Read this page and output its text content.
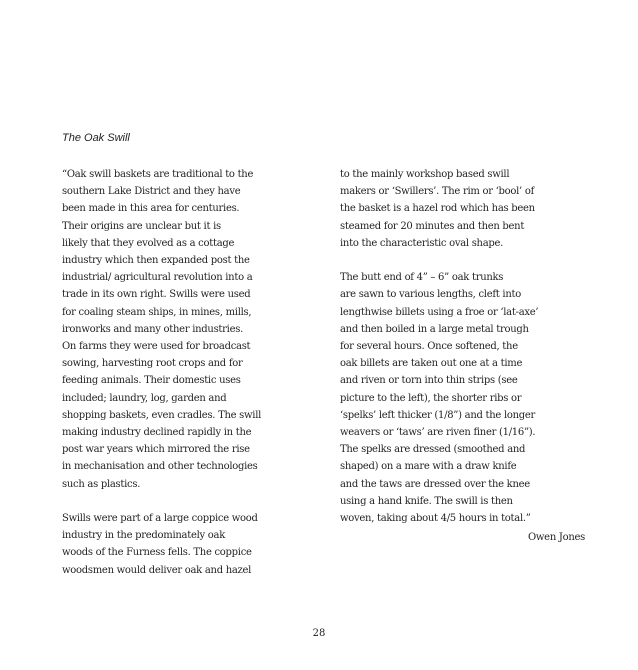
The Oak Swill
“Oak swill baskets are traditional to the
southern Lake District and they have
been made in this area for centuries.
Their origins are unclear but it is
likely that they evolved as a cottage
industry which then expanded post the
industrial/ agricultural revolution into a
trade in its own right. Swills were used
for coaling steam ships, in mines, mills,
ironworks and many other industries.
On farms they were used for broadcast
sowing, harvesting root crops and for
feeding animals. Their domestic uses
included; laundry, log, garden and
shopping baskets, even cradles. The swill
making industry declined rapidly in the
post war years which mirrored the rise
in mechanisation and other technologies
such as plastics.
Swills were part of a large coppice wood
industry in the predominately oak
woods of the Furness fells. The coppice
woodsmen would deliver oak and hazel
to the mainly workshop based swill
makers or ‘Swillers’. The rim or ‘bool’ of
the basket is a hazel rod which has been
steamed for 20 minutes and then bent
into the characteristic oval shape.
The butt end of 4” – 6” oak trunks
are sawn to various lengths, cleft into
lengthwise billets using a froe or ‘lat-axe’
and then boiled in a large metal trough
for several hours. Once softened, the
oak billets are taken out one at a time
and riven or torn into thin strips (see
picture to the left), the shorter ribs or
‘spelks’ left thicker (1/8”) and the longer
weavers or ‘taws’ are riven finer (1/16”).
The spelks are dressed (smoothed and
shaped) on a mare with a draw knife
and the taws are dressed over the knee
using a hand knife. The swill is then
woven, taking about 4/5 hours in total.”
Owen Jones
28
